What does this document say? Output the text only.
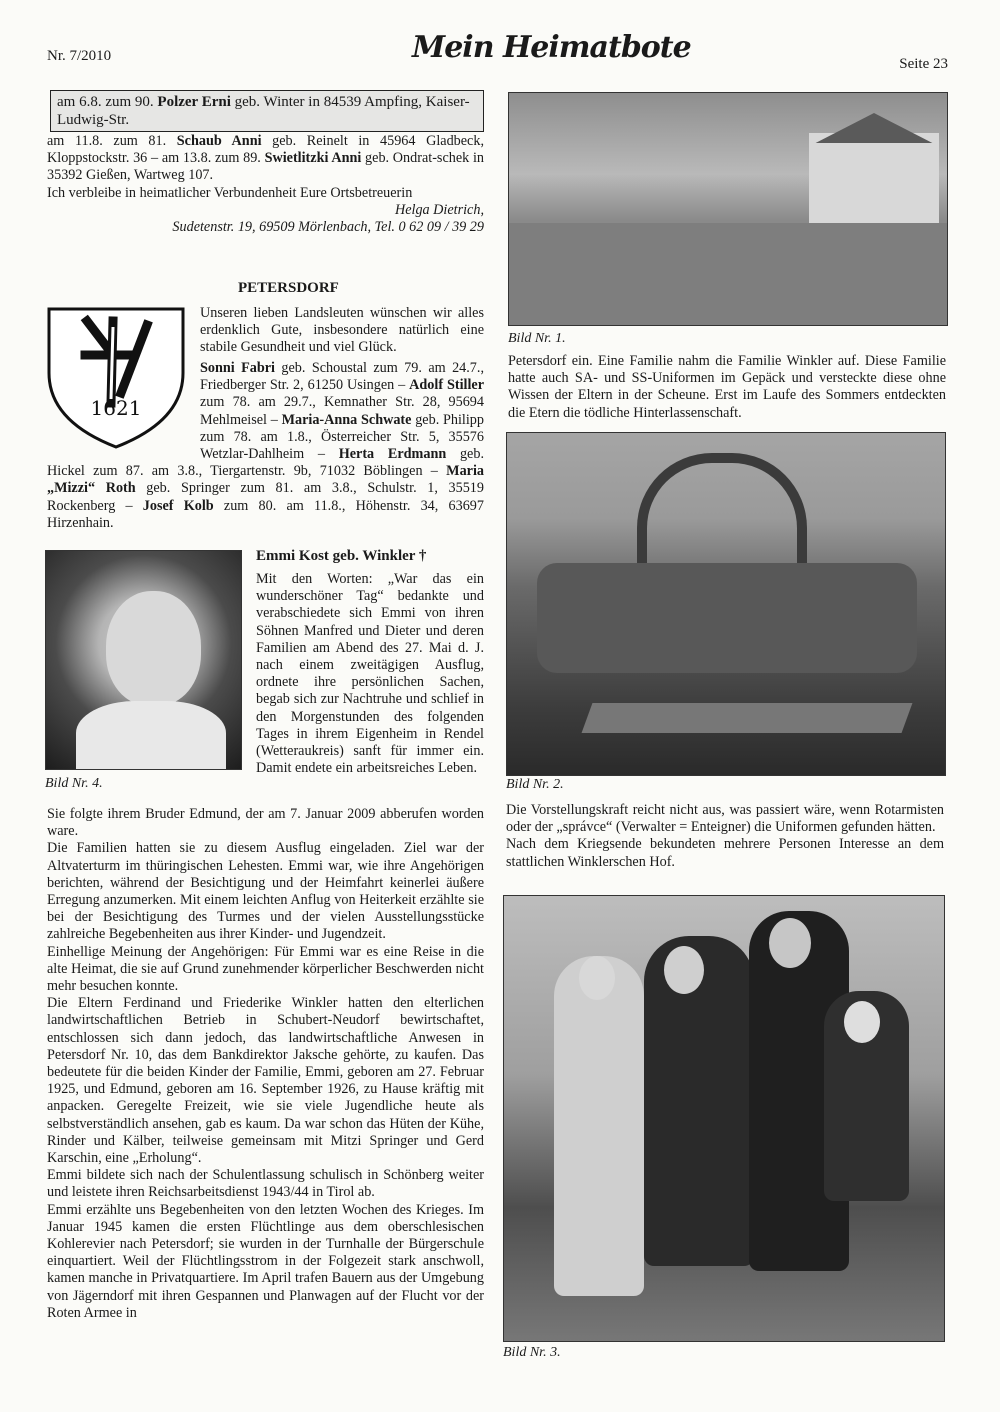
Nr. 7/2010	Mein Heimatbote	Seite 23
am 6.8. zum 90. Polzer Erni geb. Winter in 84539 Ampfing, Kaiser-Ludwig-Str.

am 11.8. zum 81. Schaub Anni geb. Reinelt in 45964 Gladbeck, Kloppstockstr. 36 – am 13.8. zum 89. Swietlitzki Anni geb. Ondrat-schek in 35392 Gießen, Wartweg 107.

Ich verbleibe in heimatlicher Verbundenheit Eure Ortsbetreuerin

Helga Dietrich,

Sudetenstr. 19, 69509 Mörlenbach, Tel. 0 62 09 / 39 29

PETERSDORF
1621

Unseren lieben Landsleuten wünschen wir alles erdenklich Gute, insbesondere natürlich eine stabile Gesundheit und viel Glück.

Sonni Fabri geb. Schoustal zum 79. am 24.7., Friedberger Str. 2, 61250 Usingen – Adolf Stiller zum 78. am 29.7., Kemnather Str. 28, 95694 Mehlmeisel – Maria-Anna Schwate geb. Philipp zum 78. am 1.8., Österreicher Str. 5, 35576 Wetzlar-Dahlheim – Herta Erdmann geb. Hickel zum 87. am 3.8., Tiergartenstr. 9b, 71032 Böblingen – Maria „Mizzi“ Roth geb. Springer zum 81. am 3.8., Schulstr. 1, 35519 Rockenberg – Josef Kolb zum 80. am 11.8., Höhenstr. 34, 63697 Hirzenhain.
Emmi Kost geb. Winkler †
Bild Nr. 4.

Mit den Worten: „War das ein wunderschöner Tag“ bedankte und verabschiedete sich Emmi von ihren Söhnen Manfred und Dieter und deren Familien am Abend des 27. Mai d. J. nach einem zweitägigen Ausflug, ordnete ihre persönlichen Sachen, begab sich zur Nachtruhe und schlief in den Morgenstunden des folgenden Tages in ihrem Eigenheim in Rendel (Wetteraukreis) sanft für immer ein. Damit endete ein arbeitsreiches Leben.

Sie folgte ihrem Bruder Edmund, der am 7. Januar 2009 abberufen worden ware.

Die Familien hatten sie zu diesem Ausflug eingeladen. Ziel war der Altvaterturm im thüringischen Lehesten. Emmi war, wie ihre Angehörigen berichten, während der Besichtigung und der Heimfahrt keinerlei äußere Erregung anzumerken. Mit einem leichten Anflug von Heiterkeit erzählte sie bei der Besichtigung des Turmes und der vielen Ausstellungsstücke zahlreiche Begebenheiten aus ihrer Kinder- und Jugendzeit.

Einhellige Meinung der Angehörigen: Für Emmi war es eine Reise in die alte Heimat, die sie auf Grund zunehmender körperlicher Beschwerden nicht mehr besuchen konnte.

Die Eltern Ferdinand und Friederike Winkler hatten den elterlichen landwirtschaftlichen Betrieb in Schubert-Neudorf bewirtschaftet, entschlossen sich dann jedoch, das landwirtschaftliche Anwesen in Petersdorf Nr. 10, das dem Bankdirektor Jaksche gehörte, zu kaufen. Das bedeutete für die beiden Kinder der Familie, Emmi, geboren am 27. Februar 1925, und Edmund, geboren am 16. September 1926, zu Hause kräftig mit anpacken. Geregelte Freizeit, wie sie viele Jugendliche heute als selbstverständlich ansehen, gab es kaum. Da war schon das Hüten der Kühe, Rinder und Kälber, teilweise gemeinsam mit Mitzi Springer und Gerd Karschin, eine „Erholung“.

Emmi bildete sich nach der Schulentlassung schulisch in Schönberg weiter und leistete ihren Reichsarbeitsdienst 1943/44 in Tirol ab.

Emmi erzählte uns Begebenheiten von den letzten Wochen des Krieges. Im Januar 1945 kamen die ersten Flüchtlinge aus dem oberschlesischen Kohlerevier nach Petersdorf; sie wurden in der Turnhalle der Bürgerschule einquartiert. Weil der Flüchtlingsstrom in der Folgezeit stark anschwoll, kamen manche in Privatquartiere. Im April trafen Bauern aus der Umgebung von Jägerndorf mit ihren Gespannen und Planwagen auf der Flucht vor der Roten Armee in

Bild Nr. 1.
Petersdorf ein. Eine Familie nahm die Familie Winkler auf. Diese Familie hatte auch SA- und SS-Uniformen im Gepäck und versteckte diese ohne Wissen der Eltern in der Scheune. Erst im Laufe des Sommers entdeckten die Etern die tödliche Hinterlassenschaft.
Bild Nr. 2.

Die Vorstellungskraft reicht nicht aus, was passiert wäre, wenn Rotarmisten oder der „správce“ (Verwalter = Enteigner) die Uniformen gefunden hätten.

Nach dem Kriegsende bekundeten mehrere Personen Interesse an dem stattlichen Winklerschen Hof.

Bild Nr. 3.
